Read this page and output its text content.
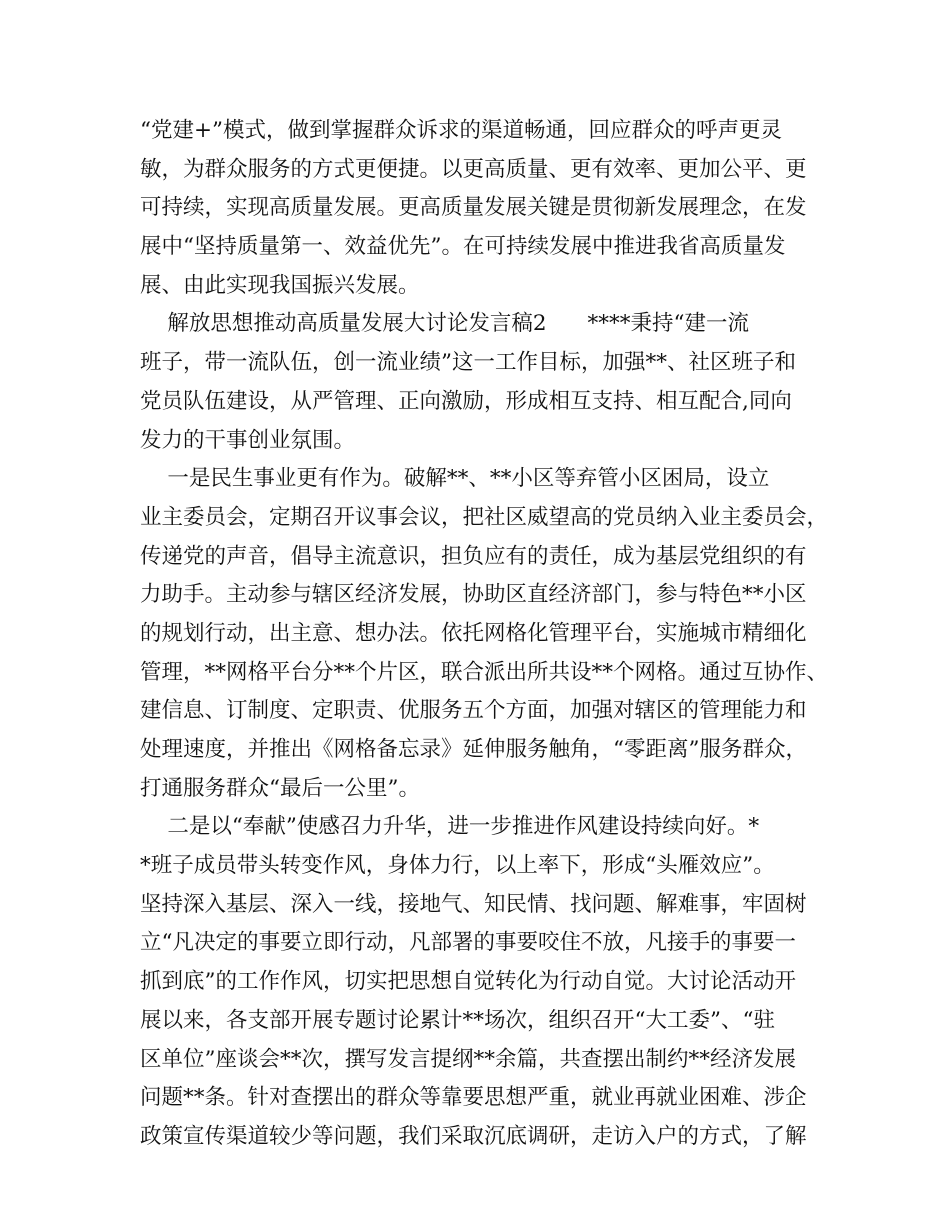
“党建+”模式，做到掌握群众诉求的渠道畅通，回应群众的呼声更灵
敏，为群众服务的方式更便捷。以更高质量、更有效率、更加公平、更
可持续，实现高质量发展。更高质量发展关键是贯彻新发展理念，在发
展中“坚持质量第一、效益优先”。在可持续发展中推进我省高质量发
展、由此实现我国振兴发展。
解放思想推动高质量发展大讨论发言稿2      ****秉持“建一流
班子，带一流队伍，创一流业绩”这一工作目标，加强**、社区班子和
党员队伍建设，从严管理、正向激励，形成相互支持、相互配合,同向
发力的干事创业氛围。
一是民生事业更有作为。破解**、**小区等弃管小区困局，设立
业主委员会，定期召开议事会议，把社区威望高的党员纳入业主委员会，
传递党的声音，倡导主流意识，担负应有的责任，成为基层党组织的有
力助手。主动参与辖区经济发展，协助区直经济部门，参与特色**小区
的规划行动，出主意、想办法。依托网格化管理平台，实施城市精细化
管理，**网格平台分**个片区，联合派出所共设**个网格。通过互协作、
建信息、订制度、定职责、优服务五个方面，加强对辖区的管理能力和
处理速度，并推出《网格备忘录》延伸服务触角，“零距离”服务群众，
打通服务群众“最后一公里”。
二是以“奉献”使感召力升华，进一步推进作风建设持续向好。*
*班子成员带头转变作风，身体力行，以上率下，形成“头雁效应”。
坚持深入基层、深入一线，接地气、知民情、找问题、解难事，牢固树
立“凡决定的事要立即行动，凡部署的事要咬住不放，凡接手的事要一
抓到底”的工作作风，切实把思想自觉转化为行动自觉。大讨论活动开
展以来，各支部开展专题讨论累计**场次，组织召开“大工委”、“驻
区单位”座谈会**次，撰写发言提纲**余篇，共查摆出制约**经济发展
问题**条。针对查摆出的群众等靠要思想严重，就业再就业困难、涉企
政策宣传渠道较少等问题，我们采取沉底调研，走访入户的方式，了解
